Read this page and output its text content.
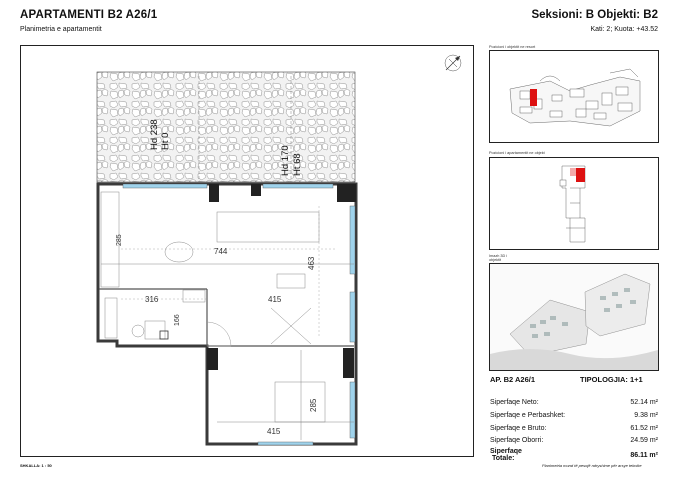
APARTAMENTI B2 A26/1
Planimetria e apartamentit
Seksioni: B Objekti: B2
Kati: 2; Kuota: +43.52
Hd 238 Ht 0
Hd 170 Ht 68
744
463
415
316
285
166
285
415
Pozicioni i objektit ne resort
Pozicioni i apartamentit ne objekt
Imazh 3D i objektit
AP. B2 A26/1	TIPOLOGJIA: 1+1
Siperfaqe Neto:	52.14 m²
Siperfaqe e Perbashket:	9.38 m²
Siperfaqe e Bruto:	61.52 m²
Siperfaqe Oborri:	24.59 m²
Siperfaqe
Totale:	86.11 m²
SHKALLA: 1 : 50	Planimetria mund të pesojë ndryshime për arsye teknike
